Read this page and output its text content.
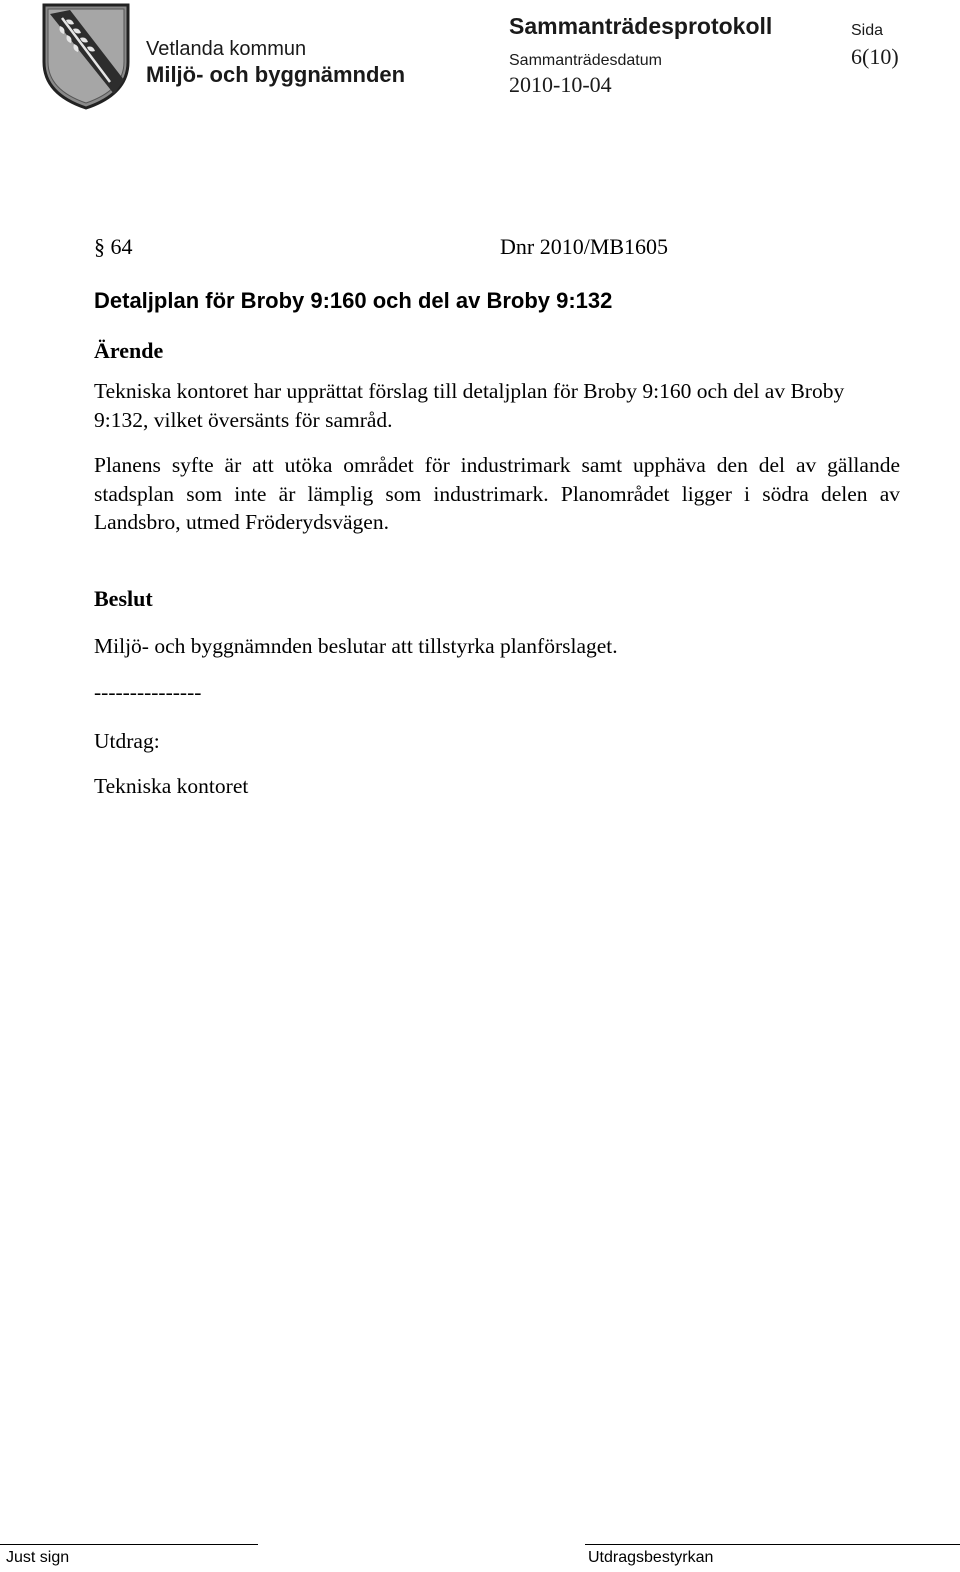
Vetlanda kommun
Miljö- och byggnämnden
Sammanträdesprotokoll
Sammanträdesdatum
2010-10-04
Sida
6(10)
§ 64	Dnr 2010/MB1605
Detaljplan för Broby 9:160 och del av Broby 9:132
Ärende
Tekniska kontoret har upprättat förslag till detaljplan för Broby 9:160 och del av Broby 9:132, vilket översänts för samråd.
Planens syfte är att utöka området för industrimark samt upphäva den del av gällande stadsplan som inte är lämplig som industrimark. Planområdet ligger i södra delen av Landsbro, utmed Fröderydsvägen.
Beslut
Miljö- och byggnämnden beslutar att tillstyrka planförslaget.
---------------
Utdrag:
Tekniska kontoret
Just sign	Utdragsbestyrkan
